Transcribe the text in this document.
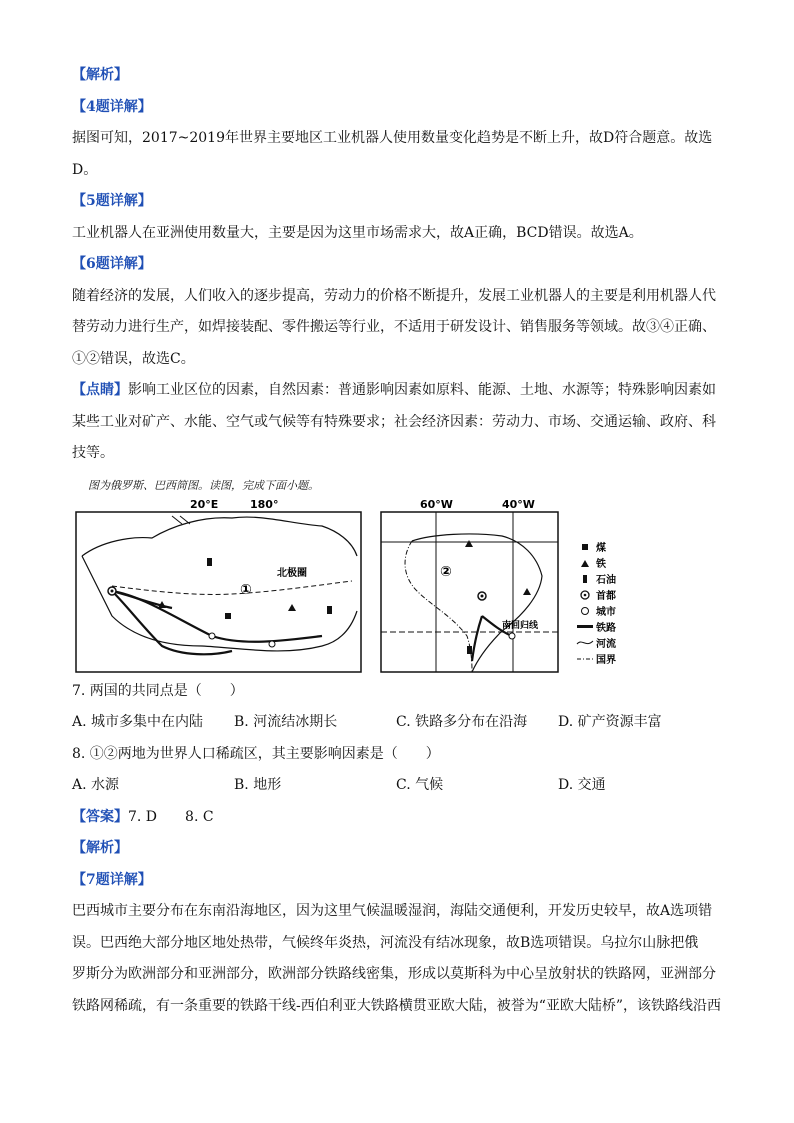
【解析】
【4题详解】
据图可知，2017~2019年世界主要地区工业机器人使用数量变化趋势是不断上升，故D符合题意。故选
D。
【5题详解】
工业机器人在亚洲使用数量大，主要是因为这里市场需求大，故A正确，BCD错误。故选A。
【6题详解】
随着经济的发展，人们收入的逐步提高，劳动力的价格不断提升，发展工业机器人的主要是利用机器人代
替劳动力进行生产，如焊接装配、零件搬运等行业，不适用于研发设计、销售服务等领域。故③④正确、
①②错误，故选C。
【点睛】影响工业区位的因素，自然因素：普通影响因素如原料、能源、土地、水源等；特殊影响因素如
某些工业对矿产、水能、空气或气候等有特殊要求；社会经济因素：劳动力、市场、交通运输、政府、科
技等。
图为俄罗斯、巴西简图。读图，完成下面小题。
20°E	180°
北极圈
①
60°W	40°W
②
南回归线
煤
铁
石油
首都
城市
铁路
河流
国界
7. 两国的共同点是（　　）
A. 城市多集中在内陆	B. 河流结冰期长	C. 铁路多分布在沿海	D. 矿产资源丰富
8. ①②两地为世界人口稀疏区，其主要影响因素是（　　）
A. 水源	B. 地形	C. 气候	D. 交通
【答案】7. D　　8. C
【解析】
【7题详解】
巴西城市主要分布在东南沿海地区，因为这里气候温暖湿润，海陆交通便利，开发历史较早，故A选项错
误。巴西绝大部分地区地处热带，气候终年炎热，河流没有结冰现象，故B选项错误。乌拉尔山脉把俄
罗斯分为欧洲部分和亚洲部分，欧洲部分铁路线密集，形成以莫斯科为中心呈放射状的铁路网，亚洲部分
铁路网稀疏，有一条重要的铁路干线-西伯利亚大铁路横贯亚欧大陆，被誉为“亚欧大陆桥”，该铁路线沿西
